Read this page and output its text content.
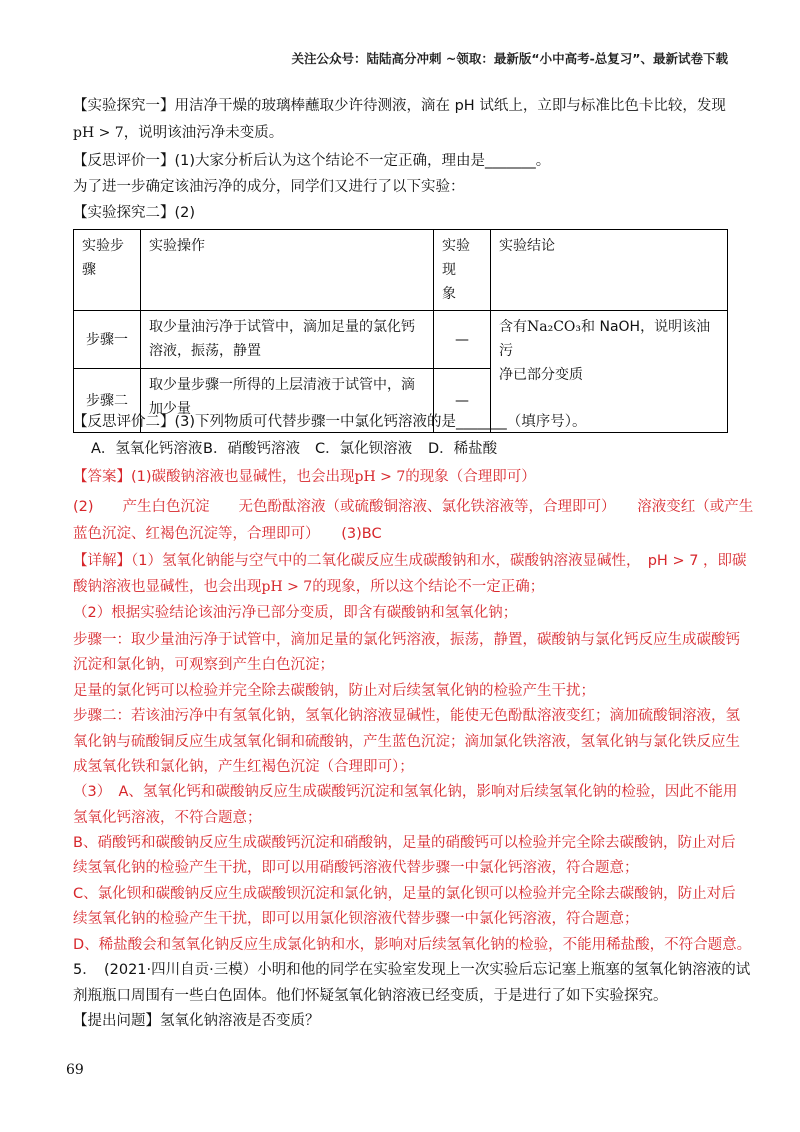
关注公众号：陆陆高分冲刺 ~领取：最新版“小中高考-总复习”、最新试卷下载
【实验探究一】用洁净干燥的玻璃棒蘸取少许待测液，滴在 pH 试纸上，立即与标准比色卡比较，发现
pH > 7，说明该油污净未变质。
【反思评价一】(1)大家分析后认为这个结论不一定正确，理由是_______。
为了进一步确定该油污净的成分，同学们又进行了以下实验：
【实验探究二】(2)
实验步
骤	实验操作	实验现
象	实验结论
步骤一	取少量油污净于试管中，滴加足量的氯化钙
溶液，振荡，静置	—	含有Na₂CO₃和 NaOH，说明该油污
净已部分变质
步骤二	取少量步骤一所得的上层清液于试管中，滴
加少量	—	
【反思评价二】(3)下列物质可代替步骤一中氯化钙溶液的是_______（填序号）。
A．氢氧化钙溶液B．硝酸钙溶液 C．氯化钡溶液 D．稀盐酸
【答案】(1)碳酸钠溶液也显碱性，也会出现pH > 7的现象（合理即可）
(2)　　产生白色沉淀　　无色酚酞溶液（或硫酸铜溶液、氯化铁溶液等，合理即可）　　溶液变红（或产生
蓝色沉淀、红褐色沉淀等，合理即可）　　(3)BC
【详解】（1）氢氧化钠能与空气中的二氧化碳反应生成碳酸钠和水，碳酸钠溶液显碱性，　pH > 7 ，即碳
酸钠溶液也显碱性，也会出现pH > 7的现象，所以这个结论不一定正确；
（2）根据实验结论该油污净已部分变质，即含有碳酸钠和氢氧化钠；
步骤一：取少量油污净于试管中，滴加足量的氯化钙溶液，振荡，静置，碳酸钠与氯化钙反应生成碳酸钙
沉淀和氯化钠，可观察到产生白色沉淀；
足量的氯化钙可以检验并完全除去碳酸钠，防止对后续氢氧化钠的检验产生干扰；
步骤二：若该油污净中有氢氧化钠，氢氧化钠溶液显碱性，能使无色酚酞溶液变红；滴加硫酸铜溶液，氢
氧化钠与硫酸铜反应生成氢氧化铜和硫酸钠，产生蓝色沉淀；滴加氯化铁溶液，氢氧化钠与氯化铁反应生
成氢氧化铁和氯化钠，产生红褐色沉淀（合理即可）；
（3）　A、氢氧化钙和碳酸钠反应生成碳酸钙沉淀和氢氧化钠，影响对后续氢氧化钠的检验，因此不能用
氢氧化钙溶液，不符合题意；
B、硝酸钙和碳酸钠反应生成碳酸钙沉淀和硝酸钠，足量的硝酸钙可以检验并完全除去碳酸钠，防止对后
续氢氧化钠的检验产生干扰，即可以用硝酸钙溶液代替步骤一中氯化钙溶液，符合题意；
C、氯化钡和碳酸钠反应生成碳酸钡沉淀和氯化钠，足量的氯化钡可以检验并完全除去碳酸钠，防止对后
续氢氧化钠的检验产生干扰，即可以用氯化钡溶液代替步骤一中氯化钙溶液，符合题意；
D、稀盐酸会和氢氧化钠反应生成氯化钠和水，影响对后续氢氧化钠的检验，不能用稀盐酸，不符合题意。
5．　(2021·四川自贡·三模）小明和他的同学在实验室发现上一次实验后忘记塞上瓶塞的氢氧化钠溶液的试
剂瓶瓶口周围有一些白色固体。他们怀疑氢氧化钠溶液已经变质，于是进行了如下实验探究。
【提出问题】氢氧化钠溶液是否变质？
69
